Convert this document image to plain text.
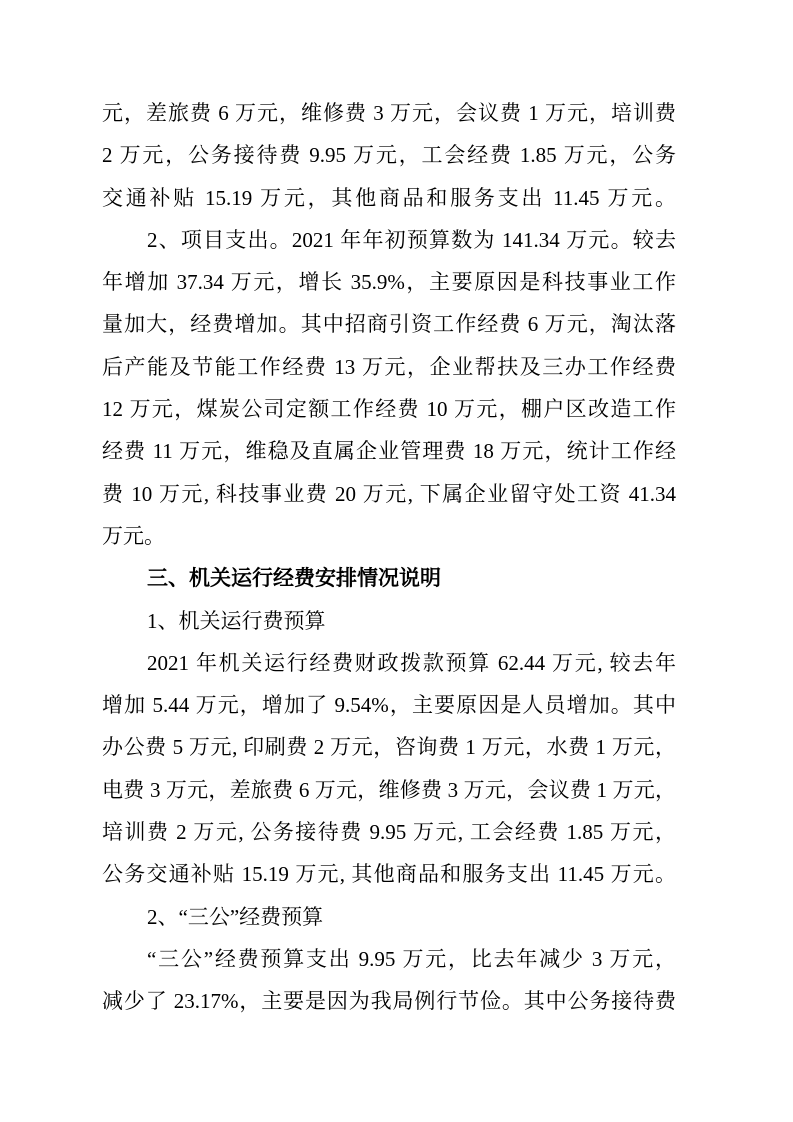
元，差旅费 6 万元，维修费 3 万元，会议费 1 万元，培训费
2 万元，公务接待费 9.95 万元，工会经费 1.85 万元，公务
交通补贴 15.19 万元，其他商品和服务支出 11.45 万元。
2、项目支出。2021 年年初预算数为 141.34 万元。较去
年增加 37.34 万元，增长 35.9%，主要原因是科技事业工作
量加大，经费增加。其中招商引资工作经费 6 万元，淘汰落
后产能及节能工作经费 13 万元，企业帮扶及三办工作经费
12 万元，煤炭公司定额工作经费 10 万元，棚户区改造工作
经费 11 万元，维稳及直属企业管理费 18 万元，统计工作经
费 10 万元, 科技事业费 20 万元, 下属企业留守处工资 41.34
万元。
三、机关运行经费安排情况说明
1、机关运行费预算
2021 年机关运行经费财政拨款预算 62.44 万元, 较去年
增加 5.44 万元，增加了 9.54%，主要原因是人员增加。其中
办公费 5 万元, 印刷费 2 万元，咨询费 1 万元，水费 1 万元，
电费 3 万元，差旅费 6 万元，维修费 3 万元，会议费 1 万元，
培训费 2 万元, 公务接待费 9.95 万元, 工会经费 1.85 万元，
公务交通补贴 15.19 万元, 其他商品和服务支出 11.45 万元。
2、“三公”经费预算
“三公”经费预算支出 9.95 万元，比去年减少 3 万元，
减少了 23.17%，主要是因为我局例行节俭。其中公务接待费
